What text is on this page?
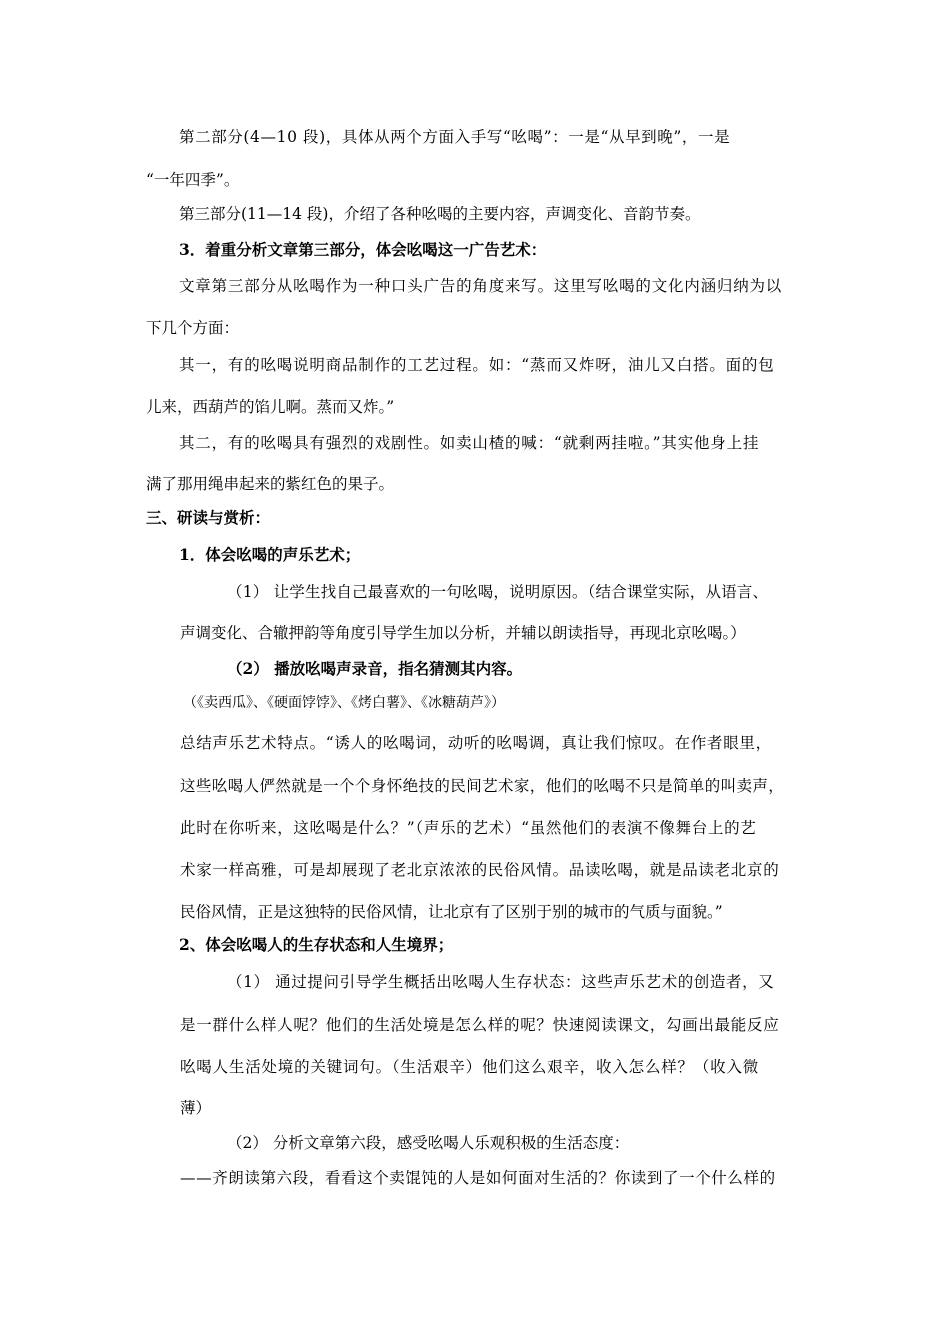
第二部分(4—10 段)，具体从两个方面入手写“吆喝”：一是“从早到晚”，一是
“一年四季”。
第三部分(11—14 段)，介绍了各种吆喝的主要内容，声调变化、音韵节奏。
3．着重分析文章第三部分，体会吆喝这一广告艺术：
文章第三部分从吆喝作为一种口头广告的角度来写。这里写吆喝的文化内涵归纳为以
下几个方面：
其一，有的吆喝说明商品制作的工艺过程。如：“蒸而又炸呀，油儿又白搭。面的包
儿来，西葫芦的馅儿啊。蒸而又炸。”
其二，有的吆喝具有强烈的戏剧性。如卖山楂的喊：“就剩两挂啦。”其实他身上挂
满了那用绳串起来的紫红色的果子。
三、研读与赏析：
1．体会吆喝的声乐艺术；
（1） 让学生找自己最喜欢的一句吆喝，说明原因。（结合课堂实际，从语言、
声调变化、合辙押韵等角度引导学生加以分析，并辅以朗读指导，再现北京吆喝。）
（2） 播放吆喝声录音，指名猜测其内容。
（《卖西瓜》、《硬面饽饽》、《烤白薯》、《冰糖葫芦》）
总结声乐艺术特点。“诱人的吆喝词，动听的吆喝调，真让我们惊叹。在作者眼里，
这些吆喝人俨然就是一个个身怀绝技的民间艺术家，他们的吆喝不只是简单的叫卖声，
此时在你听来，这吆喝是什么？”（声乐的艺术）“虽然他们的表演不像舞台上的艺
术家一样高雅，可是却展现了老北京浓浓的民俗风情。品读吆喝，就是品读老北京的
民俗风情，正是这独特的民俗风情，让北京有了区别于别的城市的气质与面貌。”
2、体会吆喝人的生存状态和人生境界；
（1） 通过提问引导学生概括出吆喝人生存状态：这些声乐艺术的创造者，又
是一群什么样人呢？他们的生活处境是怎么样的呢？快速阅读课文，勾画出最能反应
吆喝人生活处境的关键词句。（生活艰辛）他们这么艰辛，收入怎么样？（收入微
薄）
（2） 分析文章第六段，感受吆喝人乐观积极的生活态度：
——齐朗读第六段，看看这个卖馄饨的人是如何面对生活的？你读到了一个什么样的
